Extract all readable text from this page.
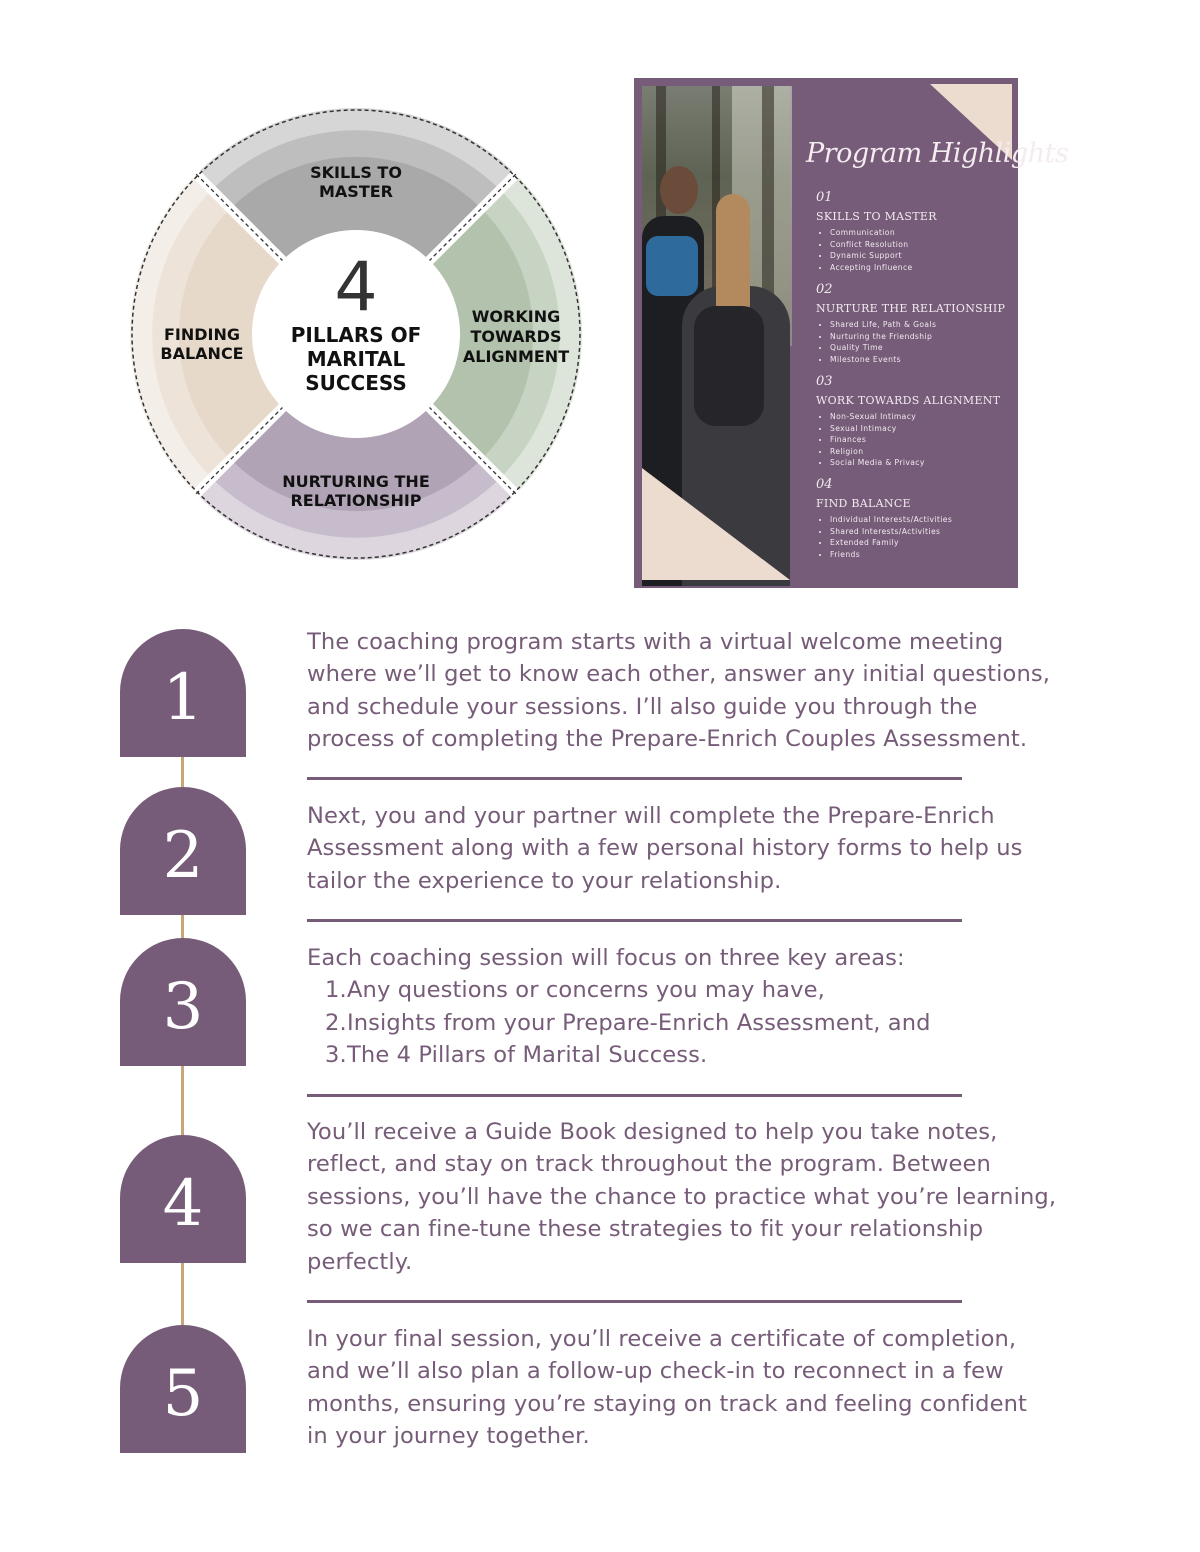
4
PILLARS OF
MARITAL
SUCCESS
SKILLS TO
MASTER
WORKING
TOWARDS
ALIGNMENT
NURTURING THE
RELATIONSHIP
FINDING
BALANCE
Program Highlights
01
SKILLS TO MASTER
• Communication
• Conflict Resolution
• Dynamic Support
• Accepting Influence
02
NURTURE THE RELATIONSHIP
• Shared Life, Path & Goals
• Nurturing the Friendship
• Quality Time
• Milestone Events
03
WORK TOWARDS ALIGNMENT
• Non-Sexual Intimacy
• Sexual Intimacy
• Finances
• Religion
• Social Media & Privacy
04
FIND BALANCE
• Individual Interests/Activities
• Shared Interests/Activities
• Extended Family
• Friends
1
2
3
4
5
The coaching program starts with a virtual welcome meeting
where we’ll get to know each other, answer any initial questions,
and schedule your sessions. I’ll also guide you through the
process of completing the Prepare-Enrich Couples Assessment.
Next, you and your partner will complete the Prepare-Enrich
Assessment along with a few personal history forms to help us
tailor the experience to your relationship.
Each coaching session will focus on three key areas:
1. Any questions or concerns you may have,
2. Insights from your Prepare-Enrich Assessment, and
3. The 4 Pillars of Marital Success.
You’ll receive a Guide Book designed to help you take notes,
reflect, and stay on track throughout the program. Between
sessions, you’ll have the chance to practice what you’re learning,
so we can fine-tune these strategies to fit your relationship
perfectly.
In your final session, you’ll receive a certificate of completion,
and we’ll also plan a follow-up check-in to reconnect in a few
months, ensuring you’re staying on track and feeling confident
in your journey together.
